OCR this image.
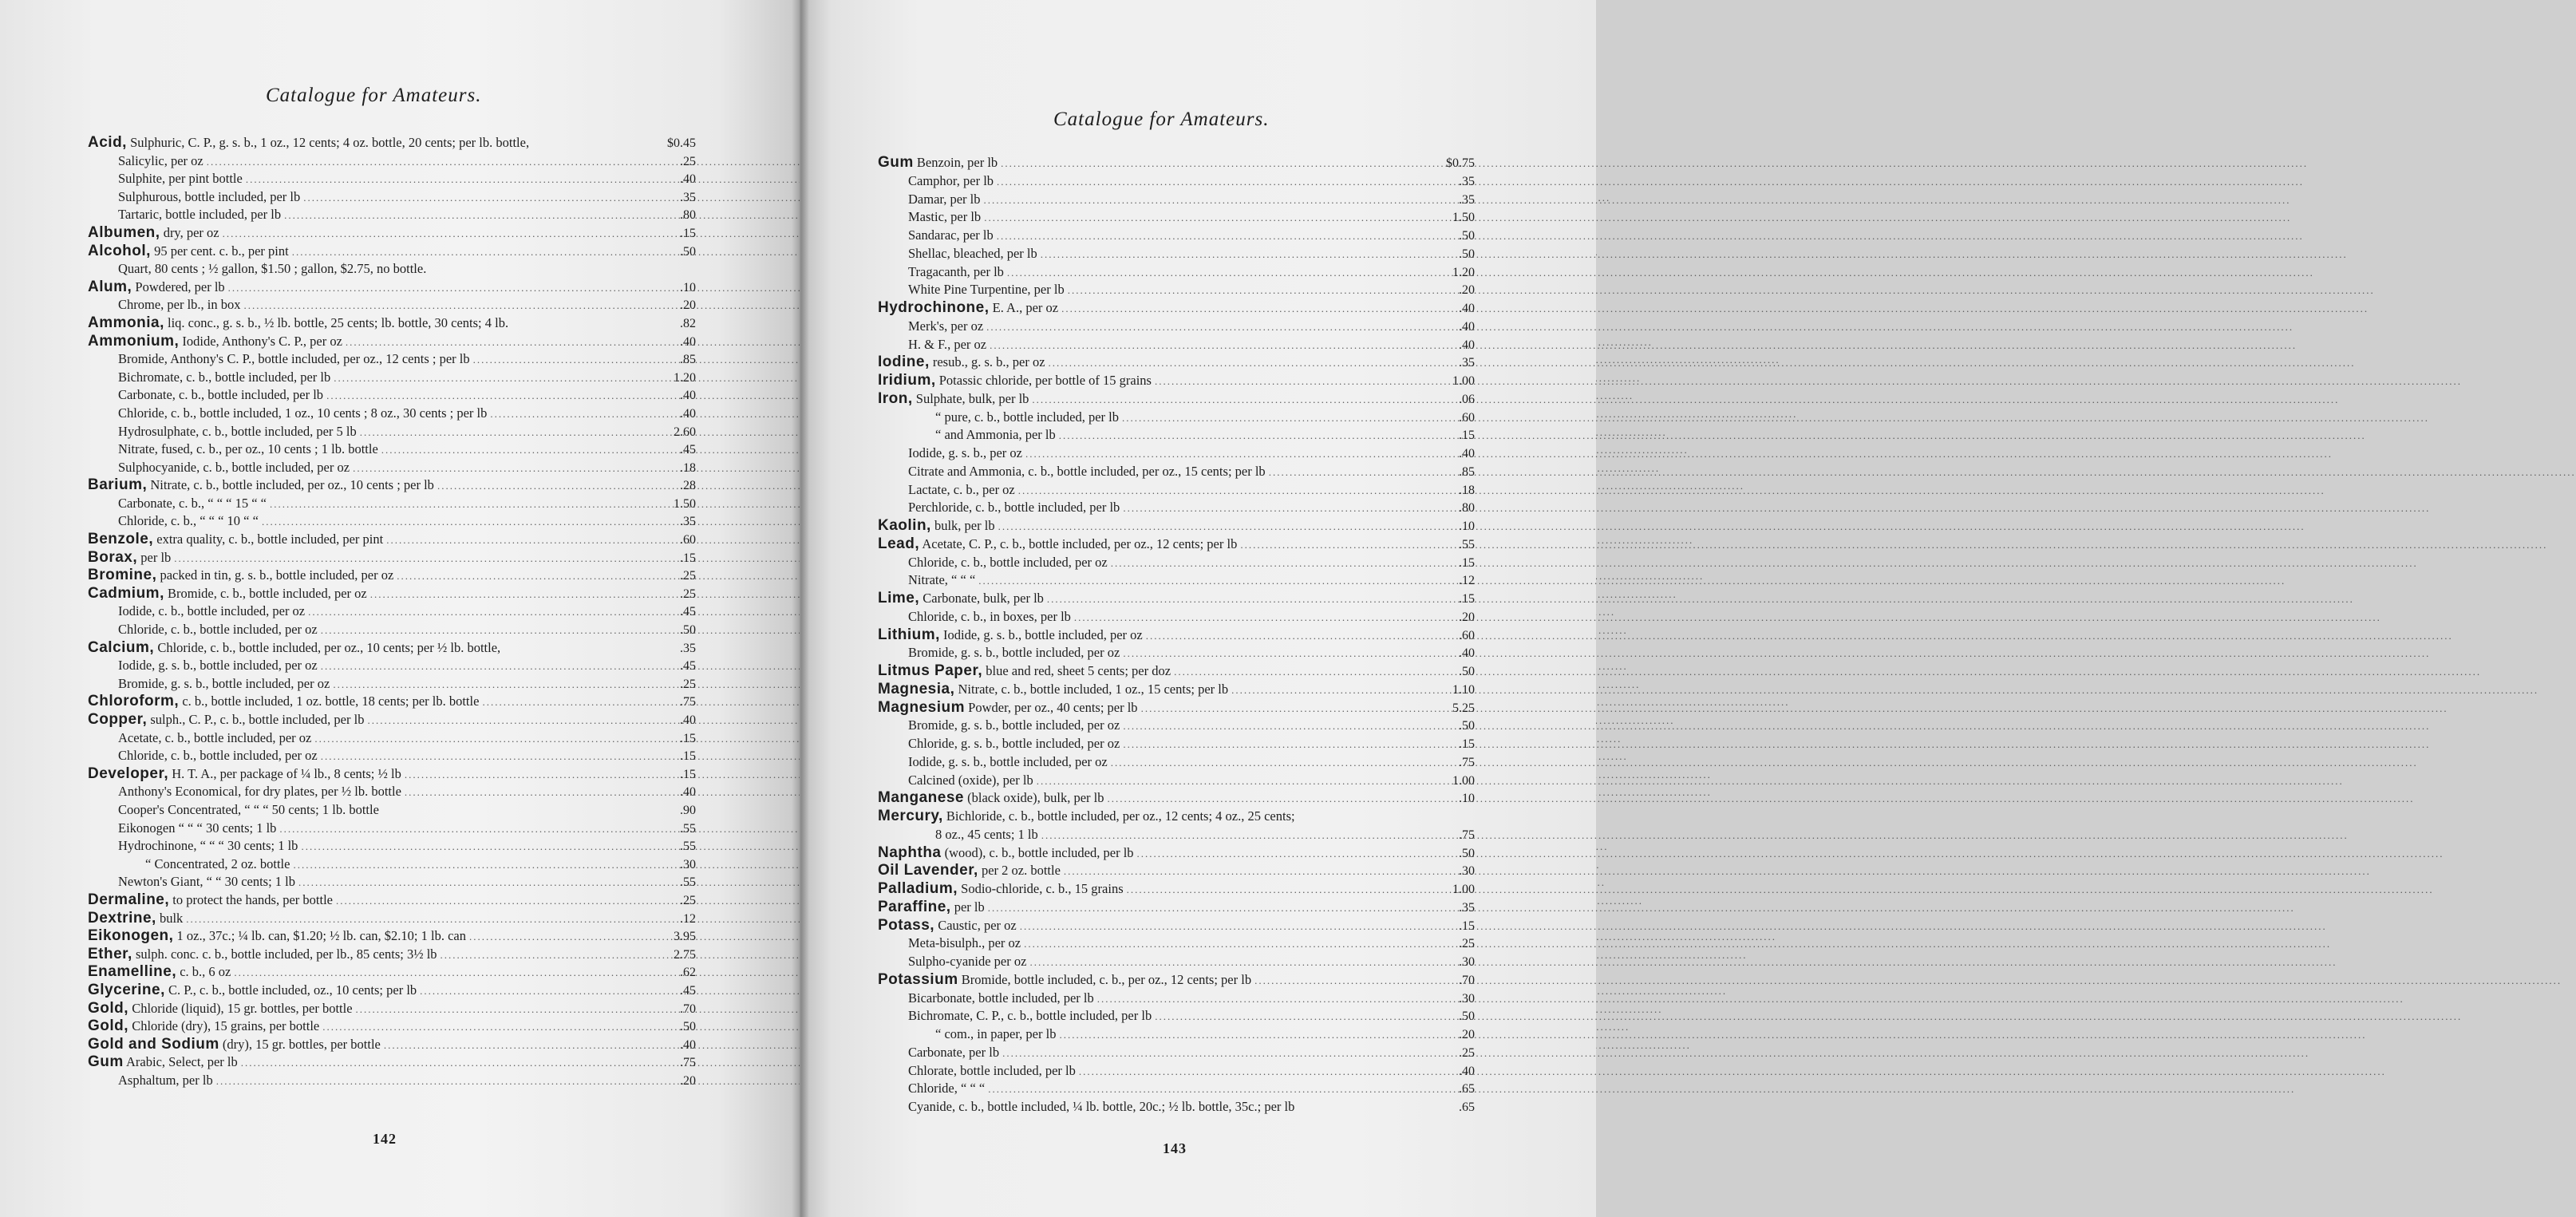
Catalogue for Amateurs.
Acid, Sulphuric, C. P., g. s. b., 1 oz., 12 cents; 4 oz. bottle, 20 cents; per lb. bottle,	$0.45
Salicylic, per oz .....	.25
Sulphite, per pint bottle .....	.40
Sulphurous, bottle included, per lb .....	.35
Tartaric, bottle included, per lb .....	.80
Albumen, dry, per oz .....	.15
Alcohol, 95 per cent. c. b., per pint .....	.50
Quart, 80 cents ; ½ gallon, $1.50 ; gallon, $2.75, no bottle.
Alum, Powdered, per lb .....	.10
Chrome, per lb., in box .....	.20
Ammonia, liq. conc., g. s. b., ½ lb. bottle, 25 cents; lb. bottle, 30 cents; 4 lb.	.82
Ammonium, Iodide, Anthony's C. P., per oz .....	.40
Bromide, Anthony's C. P., bottle included, per oz., 12 cents ; per lb .....	.85
Bichromate, c. b., bottle included, per lb .....	1.20
Carbonate, c. b., bottle included, per lb .....	.40
Chloride, c. b., bottle included, 1 oz., 10 cents ; 8 oz., 30 cents ; per lb .....	.40
Hydrosulphate, c. b., bottle included, per 5 lb .....	2.60
Nitrate, fused, c. b., per oz., 10 cents ; 1 lb. bottle .....	.45
Sulphocyanide, c. b., bottle included, per oz .....	.18
Barium, Nitrate, c. b., bottle included, per oz., 10 cents ; per lb .....	.28
Carbonate, c. b., “ “ “ 15 “ “ .....	1.50
Chloride, c. b., “ “ “ 10 “ “ .....	.35
Benzole, extra quality, c. b., bottle included, per pint .....	.60
Borax, per lb .....	.15
Bromine, packed in tin, g. s. b., bottle included, per oz .....	.25
Cadmium, Bromide, c. b., bottle included, per oz .....	.25
Iodide, c. b., bottle included, per oz .....	.45
Chloride, c. b., bottle included, per oz .....	.50
Calcium, Chloride, c. b., bottle included, per oz., 10 cents; per ½ lb. bottle,	.35
Iodide, g. s. b., bottle included, per oz .....	.45
Bromide, g. s. b., bottle included, per oz .....	.25
Chloroform, c. b., bottle included, 1 oz. bottle, 18 cents; per lb. bottle .....	.75
Copper, sulph., C. P., c. b., bottle included, per lb .....	.40
Acetate, c. b., bottle included, per oz .....	.15
Chloride, c. b., bottle included, per oz .....	.15
Developer, H. T. A., per package of ¼ lb., 8 cents; ½ lb .....	.15
Anthony's Economical, for dry plates, per ½ lb. bottle .....	.40
Cooper's Concentrated, “ “ “ 50 cents; 1 lb. bottle	.90
Eikonogen “ “ “ 30 cents; 1 lb .....	.55
Hydrochinone, “ “ “ 30 cents; 1 lb .....	.55
“ Concentrated, 2 oz. bottle .....	.30
Newton's Giant, “ “ 30 cents; 1 lb .....	.55
Dermaline, to protect the hands, per bottle .....	.25
Dextrine, bulk .....	.12
Eikonogen, 1 oz., 37c.; ¼ lb. can, $1.20; ½ lb. can, $2.10; 1 lb. can .....	3.95
Ether, sulph. conc. c. b., bottle included, per lb., 85 cents; 3½ lb .....	2.75
Enamelline, c. b., 6 oz .....	.62
Glycerine, C. P., c. b., bottle included, oz., 10 cents; per lb .....	.45
Gold, Chloride (liquid), 15 gr. bottles, per bottle .....	.70
Gold, Chloride (dry), 15 grains, per bottle .....	.50
Gold and Sodium (dry), 15 gr. bottles, per bottle .....	.40
Gum Arabic, Select, per lb .....	.75
Asphaltum, per lb .....	.20
142
Catalogue for Amateurs.
Gum Benzoin, per lb .....	$0.75
Camphor, per lb .....	.35
Damar, per lb .....	.35
Mastic, per lb .....	1.50
Sandarac, per lb .....	.50
Shellac, bleached, per lb .....	.50
Tragacanth, per lb .....	1.20
White Pine Turpentine, per lb .....	.20
Hydrochinone, E. A., per oz .....	.40
Merk's, per oz .....	.40
H. & F., per oz .....	.40
Iodine, resub., g. s. b., per oz .....	.35
Iridium, Potassic chloride, per bottle of 15 grains .....	1.00
Iron, Sulphate, bulk, per lb .....	.06
“ pure, c. b., bottle included, per lb .....	.60
“ and Ammonia, per lb .....	.15
Iodide, g. s. b., per oz .....	.40
Citrate and Ammonia, c. b., bottle included, per oz., 15 cents; per lb .....	.85
Lactate, c. b., per oz .....	.18
Perchloride, c. b., bottle included, per lb .....	.80
Kaolin, bulk, per lb .....	.10
Lead, Acetate, C. P., c. b., bottle included, per oz., 12 cents; per lb .....	.55
Chloride, c. b., bottle included, per oz .....	.15
Nitrate, “ “ “ .....	.12
Lime, Carbonate, bulk, per lb .....	.15
Chloride, c. b., in boxes, per lb .....	.20
Lithium, Iodide, g. s. b., bottle included, per oz .....	.60
Bromide, g. s. b., bottle included, per oz .....	.40
Litmus Paper, blue and red, sheet 5 cents; per doz .....	.50
Magnesia, Nitrate, c. b., bottle included, 1 oz., 15 cents; per lb .....	1.10
Magnesium Powder, per oz., 40 cents; per lb .....	5.25
Bromide, g. s. b., bottle included, per oz .....	.50
Chloride, g. s. b., bottle included, per oz .....	.15
Iodide, g. s. b., bottle included, per oz .....	.75
Calcined (oxide), per lb .....	1.00
Manganese (black oxide), bulk, per lb .....	.10
Mercury, Bichloride, c. b., bottle included, per oz., 12 cents; 4 oz., 25 cents;
8 oz., 45 cents; 1 lb .....	.75
Naphtha (wood), c. b., bottle included, per lb .....	.50
Oil Lavender, per 2 oz. bottle .....	.30
Palladium, Sodio-chloride, c. b., 15 grains .....	1.00
Paraffine, per lb .....	.35
Potass, Caustic, per oz .....	.15
Meta-bisulph., per oz .....	.25
Sulpho-cyanide per oz .....	.30
Potassium Bromide, bottle included, c. b., per oz., 12 cents; per lb .....	.70
Bicarbonate, bottle included, per lb .....	.30
Bichromate, C. P., c. b., bottle included, per lb .....	.50
“ com., in paper, per lb .....	.20
Carbonate, per lb .....	.25
Chlorate, bottle included, per lb .....	.40
Chloride, “ “ “ .....	.65
Cyanide, c. b., bottle included, ¼ lb. bottle, 20c.; ½ lb. bottle, 35c.; per lb	.65
143
